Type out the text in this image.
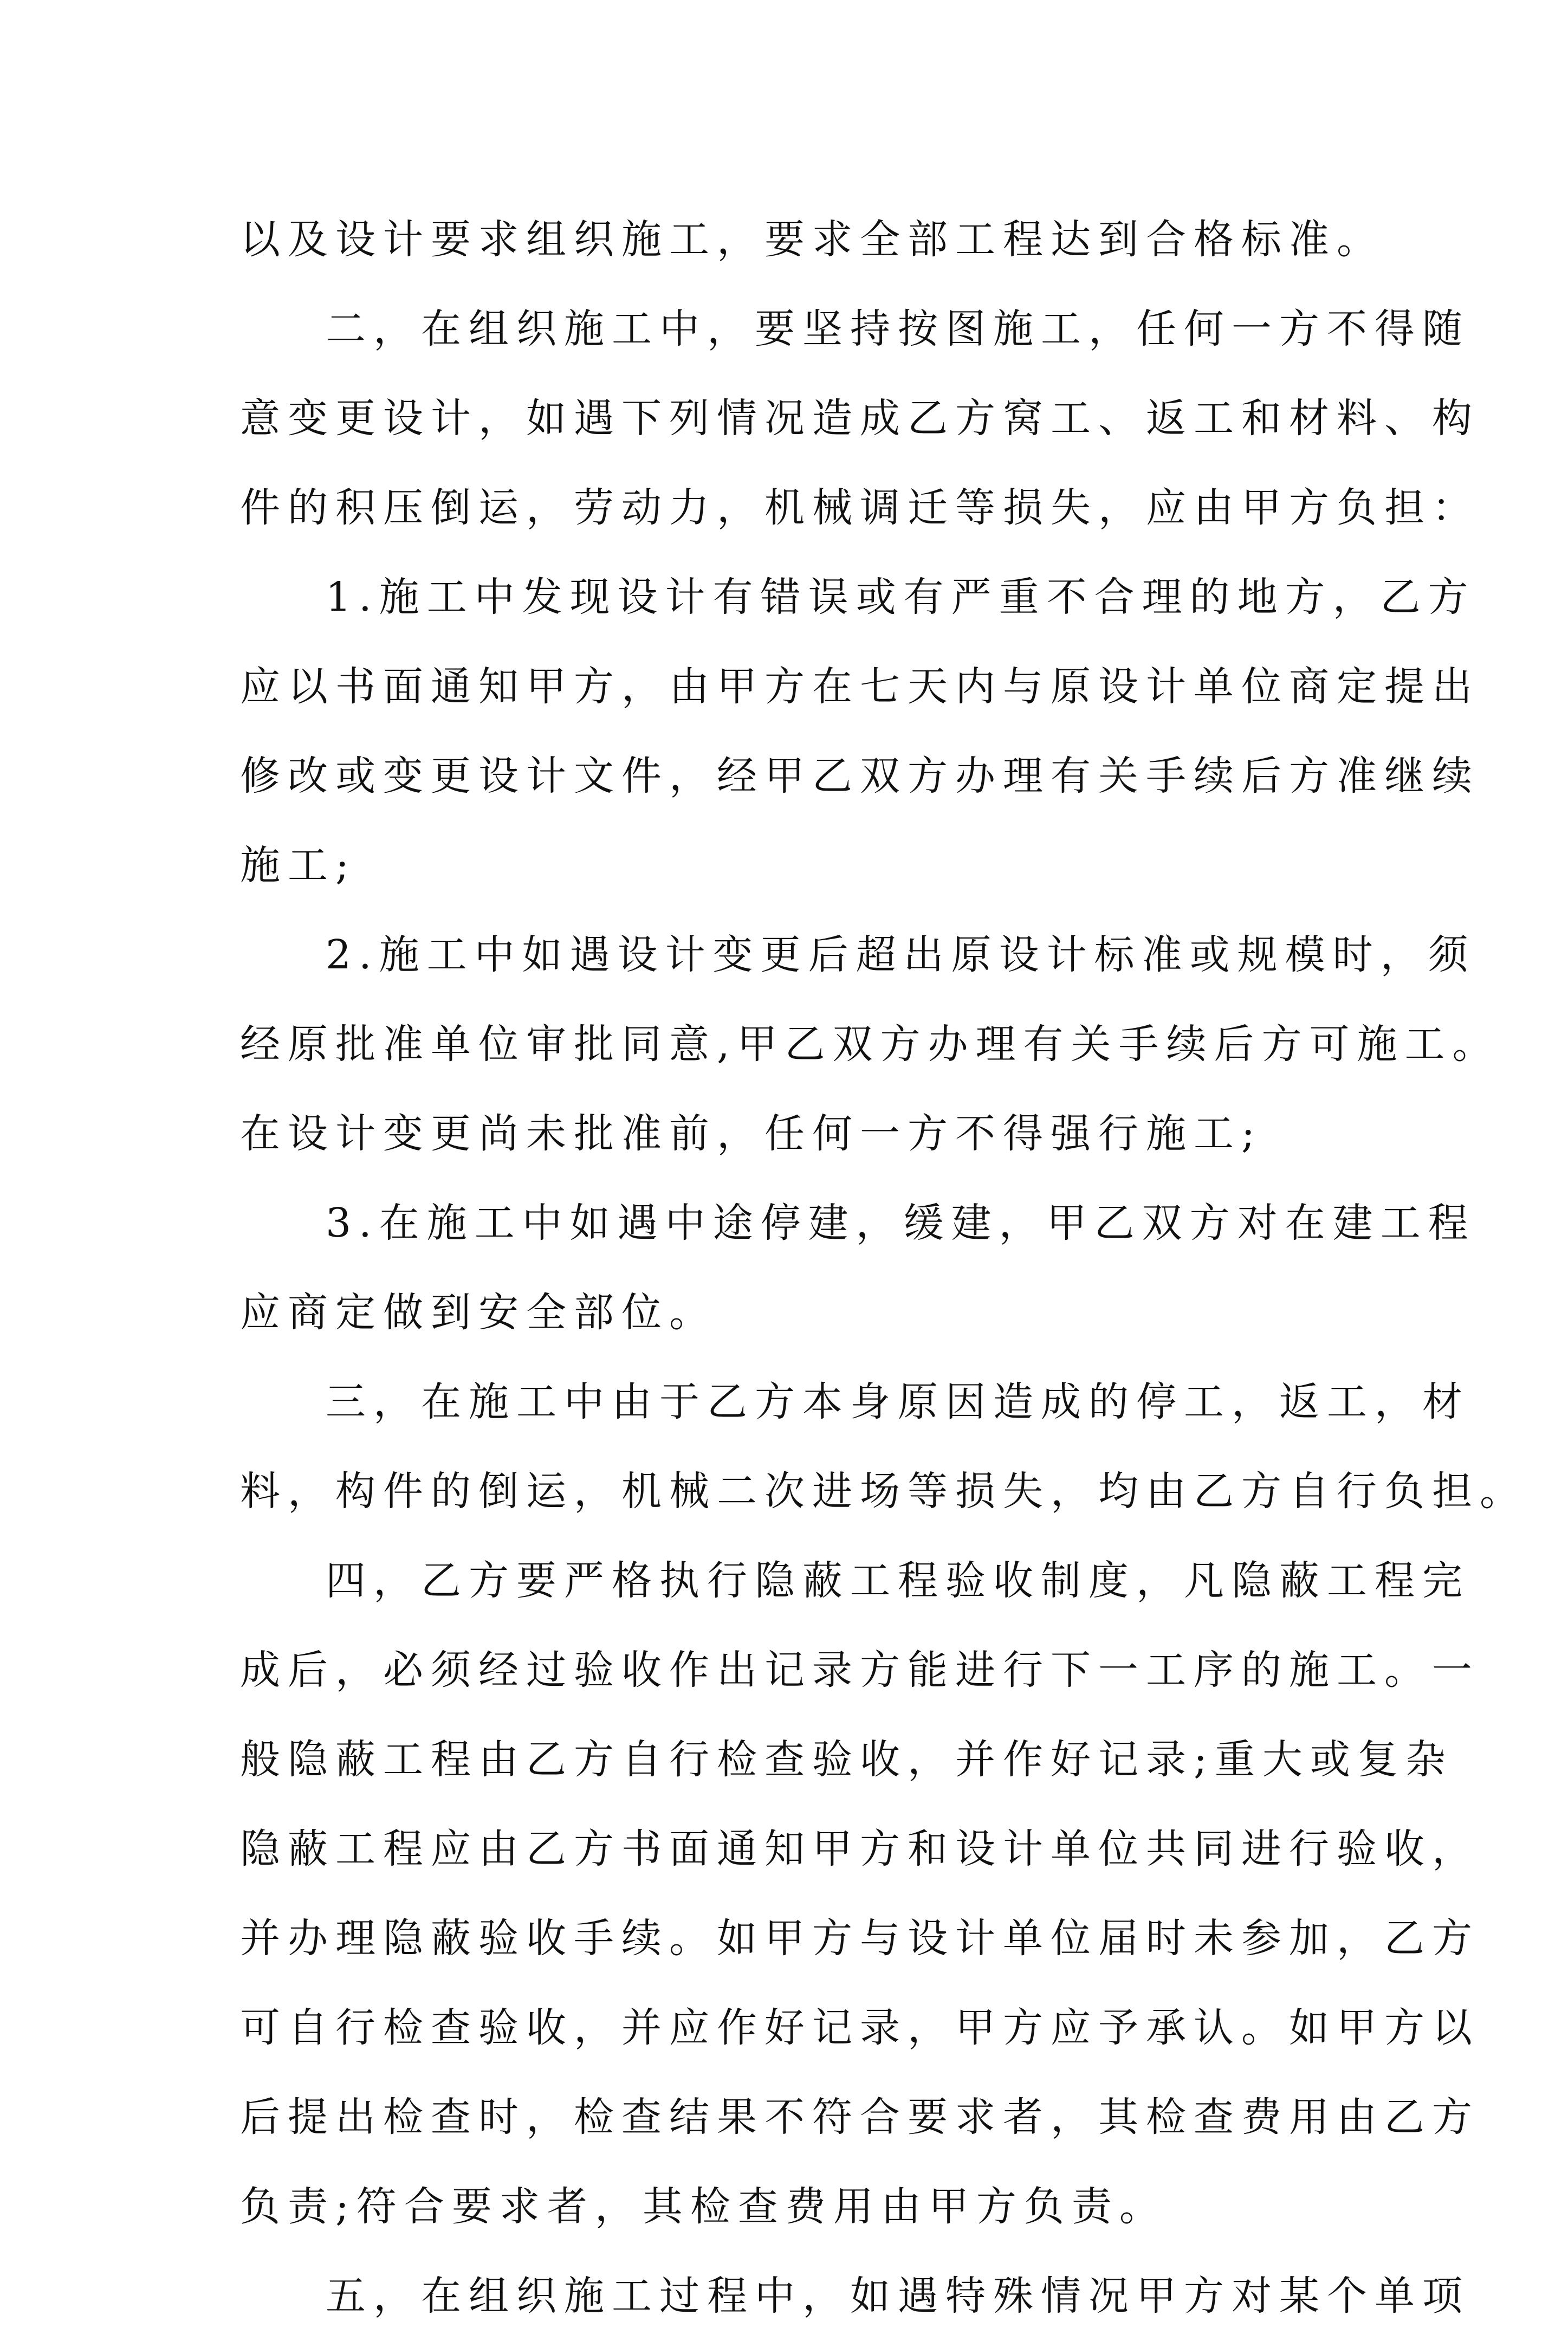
以及设计要求组织施工，要求全部工程达到合格标准。
二，在组织施工中，要坚持按图施工，任何一方不得随
意变更设计，如遇下列情况造成乙方窝工、返工和材料、构
件的积压倒运，劳动力，机械调迁等损失，应由甲方负担：
1.施工中发现设计有错误或有严重不合理的地方，乙方
应以书面通知甲方，由甲方在七天内与原设计单位商定提出
修改或变更设计文件，经甲乙双方办理有关手续后方准继续
施工;
2.施工中如遇设计变更后超出原设计标准或规模时，须
经原批准单位审批同意,甲乙双方办理有关手续后方可施工。
在设计变更尚未批准前，任何一方不得强行施工;
3.在施工中如遇中途停建，缓建，甲乙双方对在建工程
应商定做到安全部位。
三，在施工中由于乙方本身原因造成的停工，返工，材
料，构件的倒运，机械二次进场等损失，均由乙方自行负担。
四，乙方要严格执行隐蔽工程验收制度，凡隐蔽工程完
成后，必须经过验收作出记录方能进行下一工序的施工。一
般隐蔽工程由乙方自行检查验收，并作好记录;重大或复杂
隐蔽工程应由乙方书面通知甲方和设计单位共同进行验收，
并办理隐蔽验收手续。如甲方与设计单位届时未参加，乙方
可自行检查验收，并应作好记录，甲方应予承认。如甲方以
后提出检查时，检查结果不符合要求者，其检查费用由乙方
负责;符合要求者，其检查费用由甲方负责。
五，在组织施工过程中，如遇特殊情况甲方对某个单项
